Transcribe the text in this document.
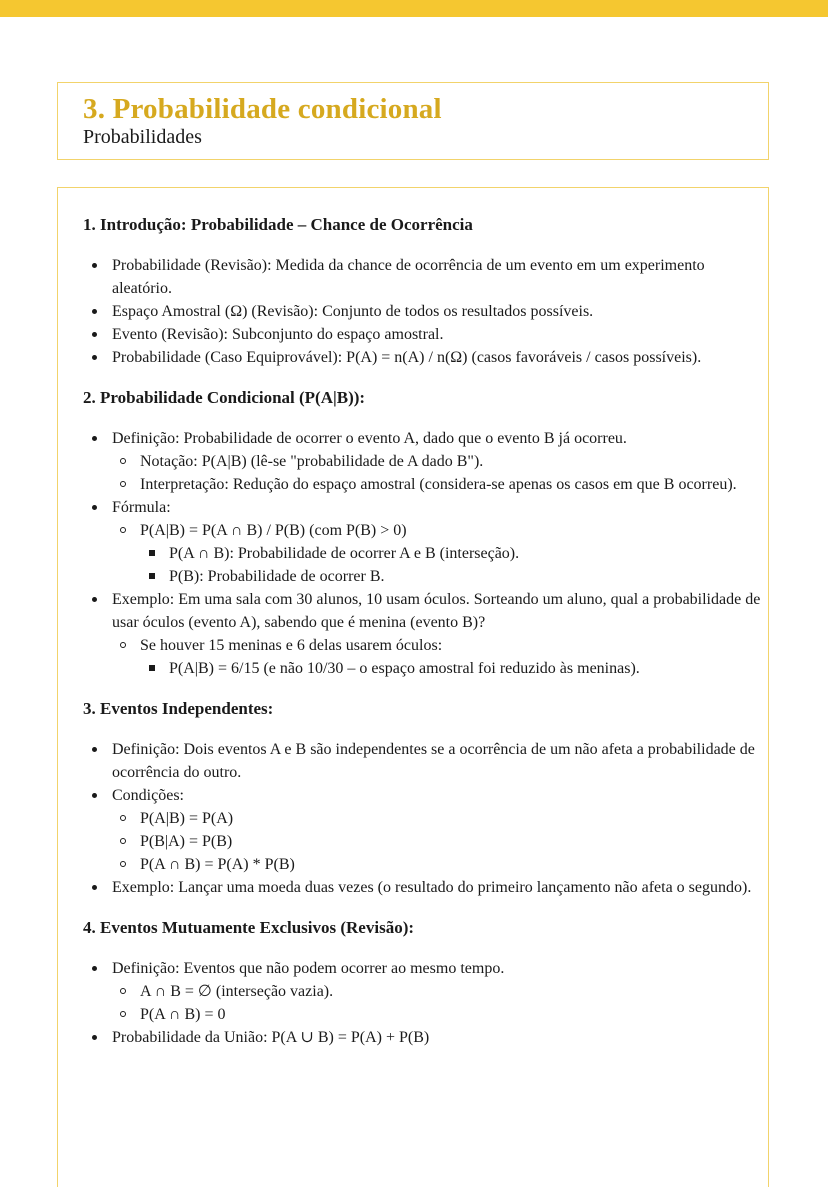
3. Probabilidade condicional
Probabilidades
1. Introdução: Probabilidade – Chance de Ocorrência
Probabilidade (Revisão): Medida da chance de ocorrência de um evento em um experimento aleatório.
Espaço Amostral (Ω) (Revisão): Conjunto de todos os resultados possíveis.
Evento (Revisão): Subconjunto do espaço amostral.
Probabilidade (Caso Equiprovável): P(A) = n(A) / n(Ω) (casos favoráveis / casos possíveis).
2. Probabilidade Condicional (P(A|B)):
Definição: Probabilidade de ocorrer o evento A, dado que o evento B já ocorreu.
Notação: P(A|B) (lê-se "probabilidade de A dado B").
Interpretação: Redução do espaço amostral (considera-se apenas os casos em que B ocorreu).
Fórmula:
P(A|B) = P(A ∩ B) / P(B) (com P(B) > 0)
P(A ∩ B): Probabilidade de ocorrer A e B (interseção).
P(B): Probabilidade de ocorrer B.
Exemplo: Em uma sala com 30 alunos, 10 usam óculos. Sorteando um aluno, qual a probabilidade de usar óculos (evento A), sabendo que é menina (evento B)?
Se houver 15 meninas e 6 delas usarem óculos:
P(A|B) = 6/15 (e não 10/30 – o espaço amostral foi reduzido às meninas).
3. Eventos Independentes:
Definição: Dois eventos A e B são independentes se a ocorrência de um não afeta a probabilidade de ocorrência do outro.
Condições:
P(A|B) = P(A)
P(B|A) = P(B)
P(A ∩ B) = P(A) * P(B)
Exemplo: Lançar uma moeda duas vezes (o resultado do primeiro lançamento não afeta o segundo).
4. Eventos Mutuamente Exclusivos (Revisão):
Definição: Eventos que não podem ocorrer ao mesmo tempo.
A ∩ B = ∅ (interseção vazia).
P(A ∩ B) = 0
Probabilidade da União: P(A ∪ B) = P(A) + P(B)
